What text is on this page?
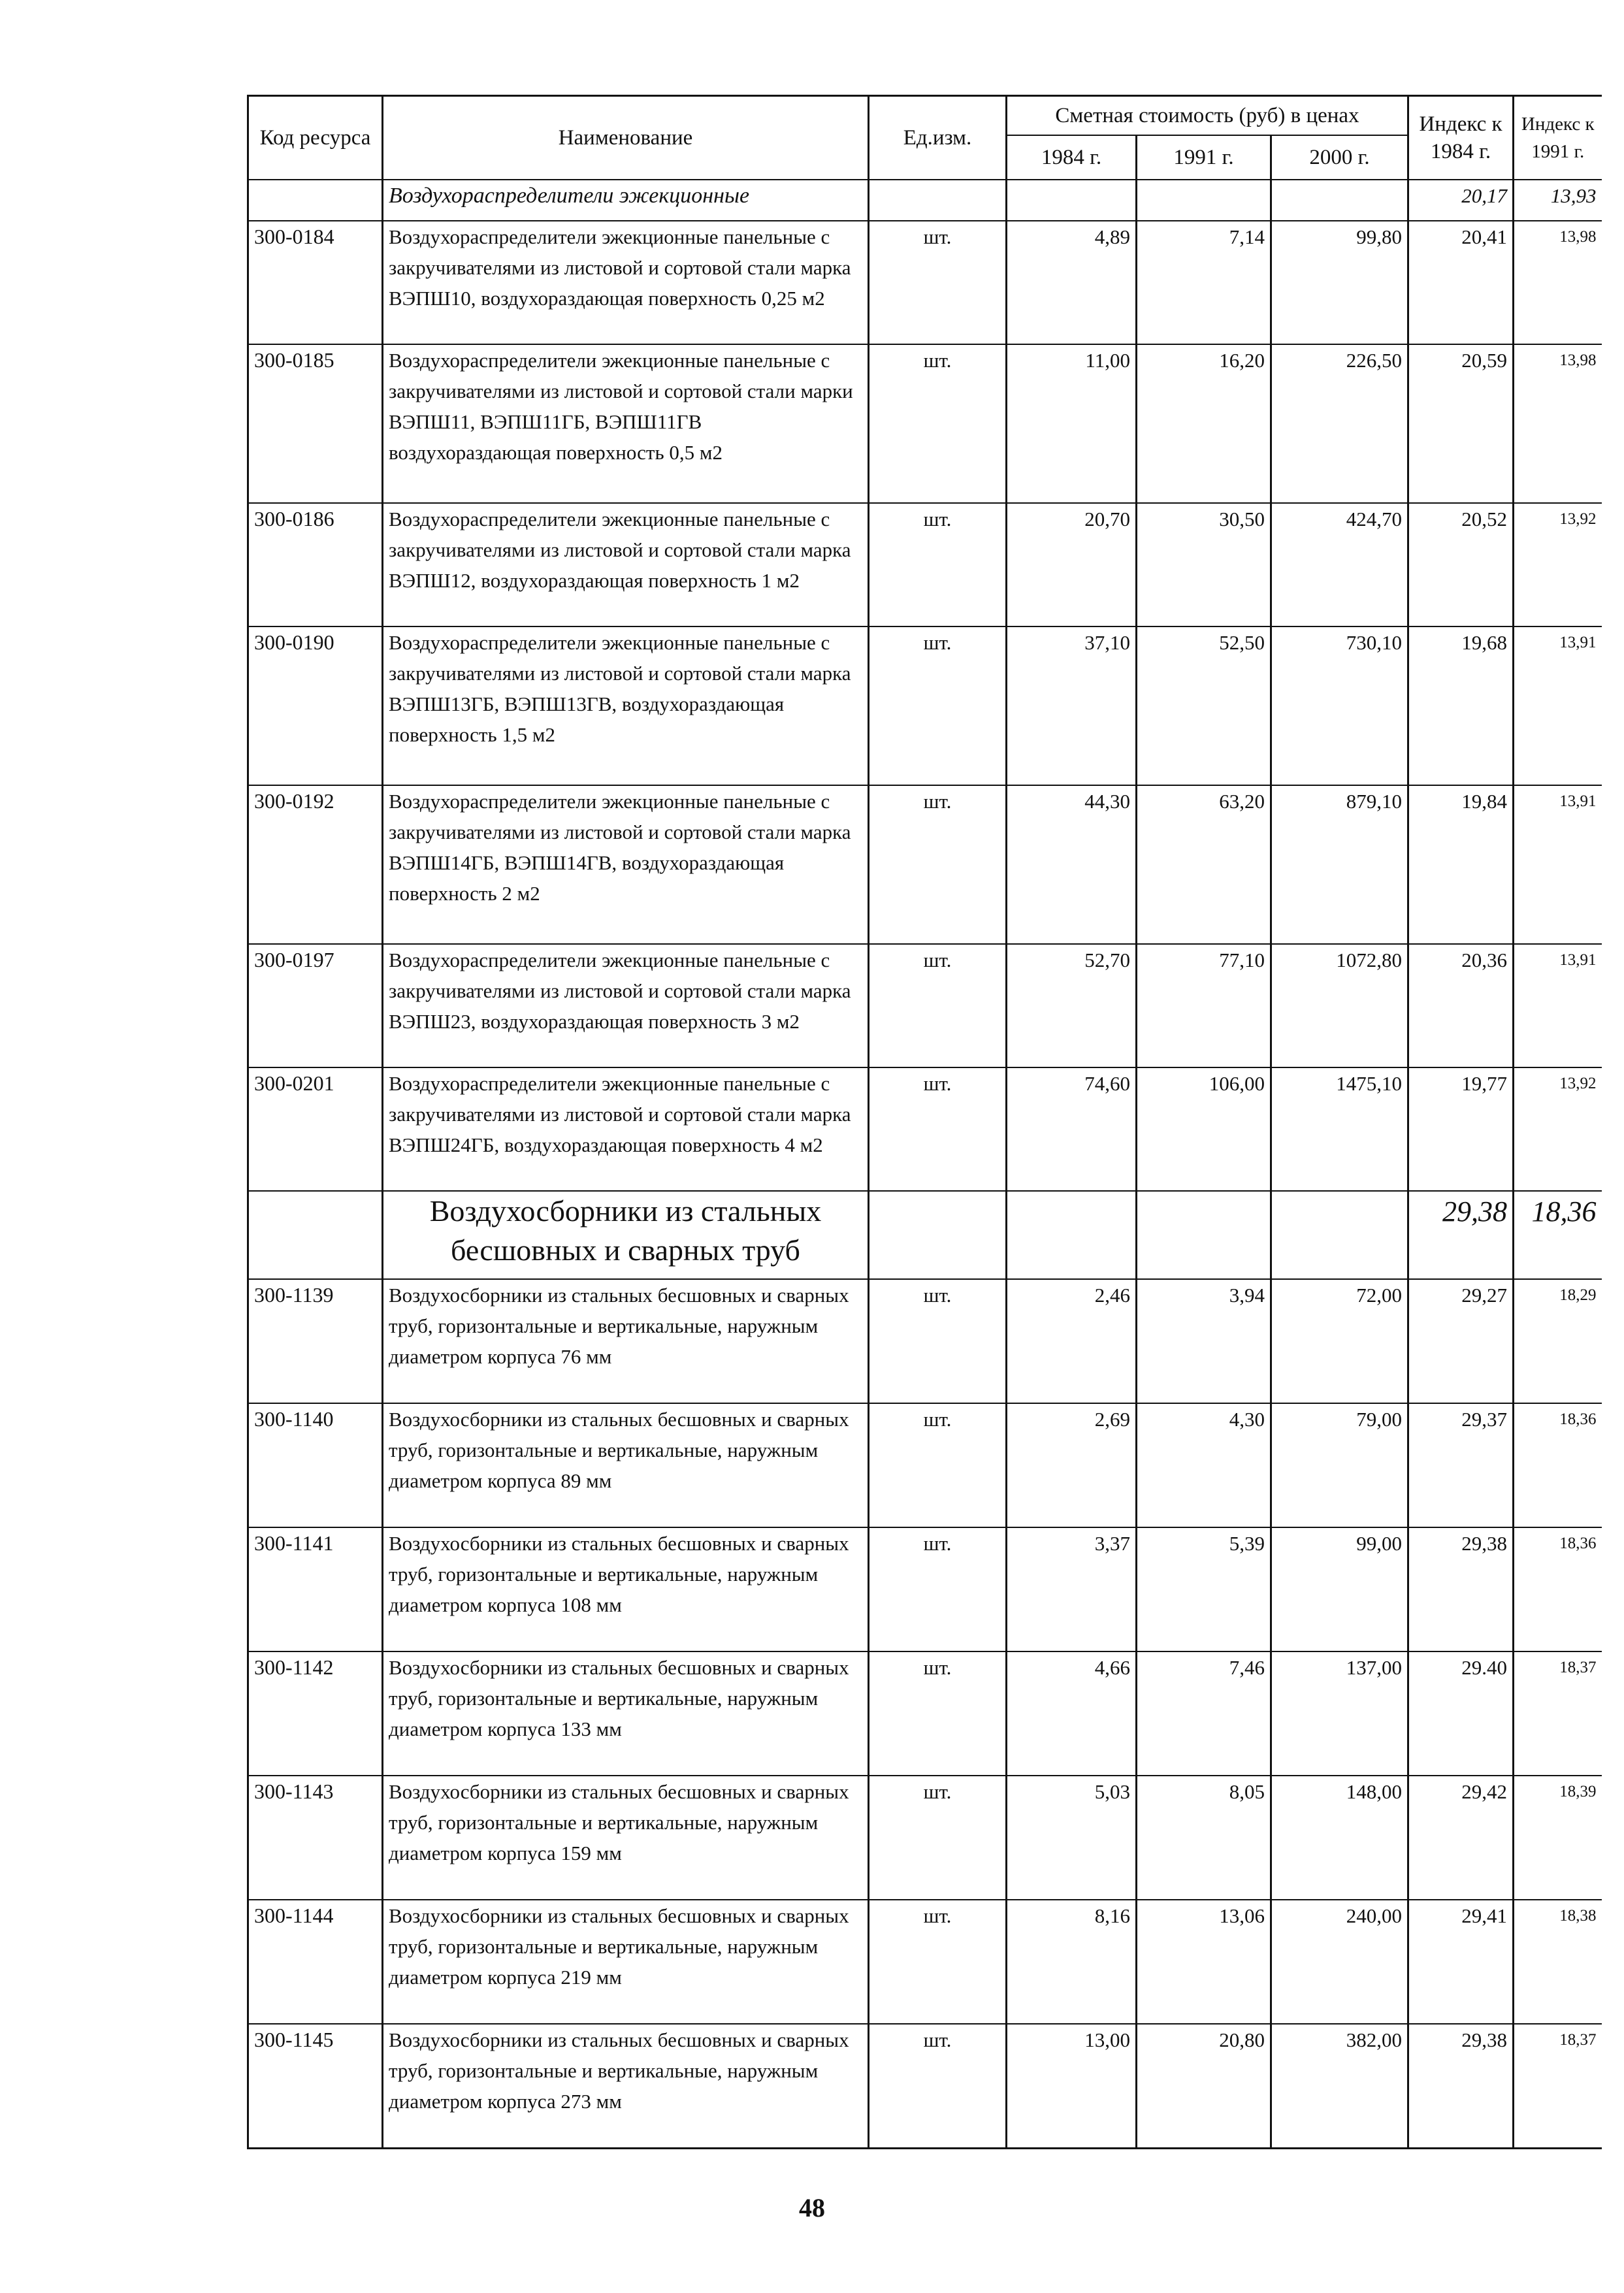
Код ресурса	Наименование	Ед.изм.	Сметная стоимость (руб) в ценах			Индекс к 1984 г.	Индекс к 1991 г.
			1984 г.	1991 г.	2000 г.		
	Воздухораспределители эжекционные					20,17	13,93
300-0184	Воздухораспределители эжекционные панельные с закручивателями из листовой и сортовой стали марка ВЭПШ10, воздухораздающая поверхность 0,25 м2	шт.	4,89	7,14	99,80	20,41	13,98
300-0185	Воздухораспределители эжекционные панельные с закручивателями из листовой и сортовой стали марки ВЭПШ11, ВЭПШ11ГБ, ВЭПШ11ГВ воздухораздающая поверхность 0,5 м2	шт.	11,00	16,20	226,50	20,59	13,98
300-0186	Воздухораспределители эжекционные панельные с закручивателями из листовой и сортовой стали марка ВЭПШ12, воздухораздающая поверхность 1 м2	шт.	20,70	30,50	424,70	20,52	13,92
300-0190	Воздухораспределители эжекционные панельные с закручивателями из листовой и сортовой стали марка ВЭПШ13ГБ, ВЭПШ13ГВ, воздухораздающая поверхность 1,5 м2	шт.	37,10	52,50	730,10	19,68	13,91
300-0192	Воздухораспределители эжекционные панельные с закручивателями из листовой и сортовой стали марка ВЭПШ14ГБ, ВЭПШ14ГВ, воздухораздающая поверхность 2 м2	шт.	44,30	63,20	879,10	19,84	13,91
300-0197	Воздухораспределители эжекционные панельные с закручивателями из листовой и сортовой стали марка ВЭПШ23, воздухораздающая поверхность 3 м2	шт.	52,70	77,10	1072,80	20,36	13,91
300-0201	Воздухораспределители эжекционные панельные с закручивателями из листовой и сортовой стали марка ВЭПШ24ГБ, воздухораздающая поверхность 4 м2	шт.	74,60	106,00	1475,10	19,77	13,92
	Воздухосборники из стальных бесшовных и сварных труб					29,38	18,36
300-1139	Воздухосборники из стальных бесшовных и сварных труб, горизонтальные и вертикальные, наружным диаметром корпуса 76 мм	шт.	2,46	3,94	72,00	29,27	18,29
300-1140	Воздухосборники из стальных бесшовных и сварных труб, горизонтальные и вертикальные, наружным диаметром корпуса 89 мм	шт.	2,69	4,30	79,00	29,37	18,36
300-1141	Воздухосборники из стальных бесшовных и сварных труб, горизонтальные и вертикальные, наружным диаметром корпуса 108 мм	шт.	3,37	5,39	99,00	29,38	18,36
300-1142	Воздухосборники из стальных бесшовных и сварных труб, горизонтальные и вертикальные, наружным диаметром корпуса 133 мм	шт.	4,66	7,46	137,00	29.40	18,37
300-1143	Воздухосборники из стальных бесшовных и сварных труб, горизонтальные и вертикальные, наружным диаметром корпуса 159 мм	шт.	5,03	8,05	148,00	29,42	18,39
300-1144	Воздухосборники из стальных бесшовных и сварных труб, горизонтальные и вертикальные, наружным диаметром корпуса 219 мм	шт.	8,16	13,06	240,00	29,41	18,38
300-1145	Воздухосборники из стальных бесшовных и сварных труб, горизонтальные и вертикальные, наружным диаметром корпуса 273 мм	шт.	13,00	20,80	382,00	29,38	18,37
48
